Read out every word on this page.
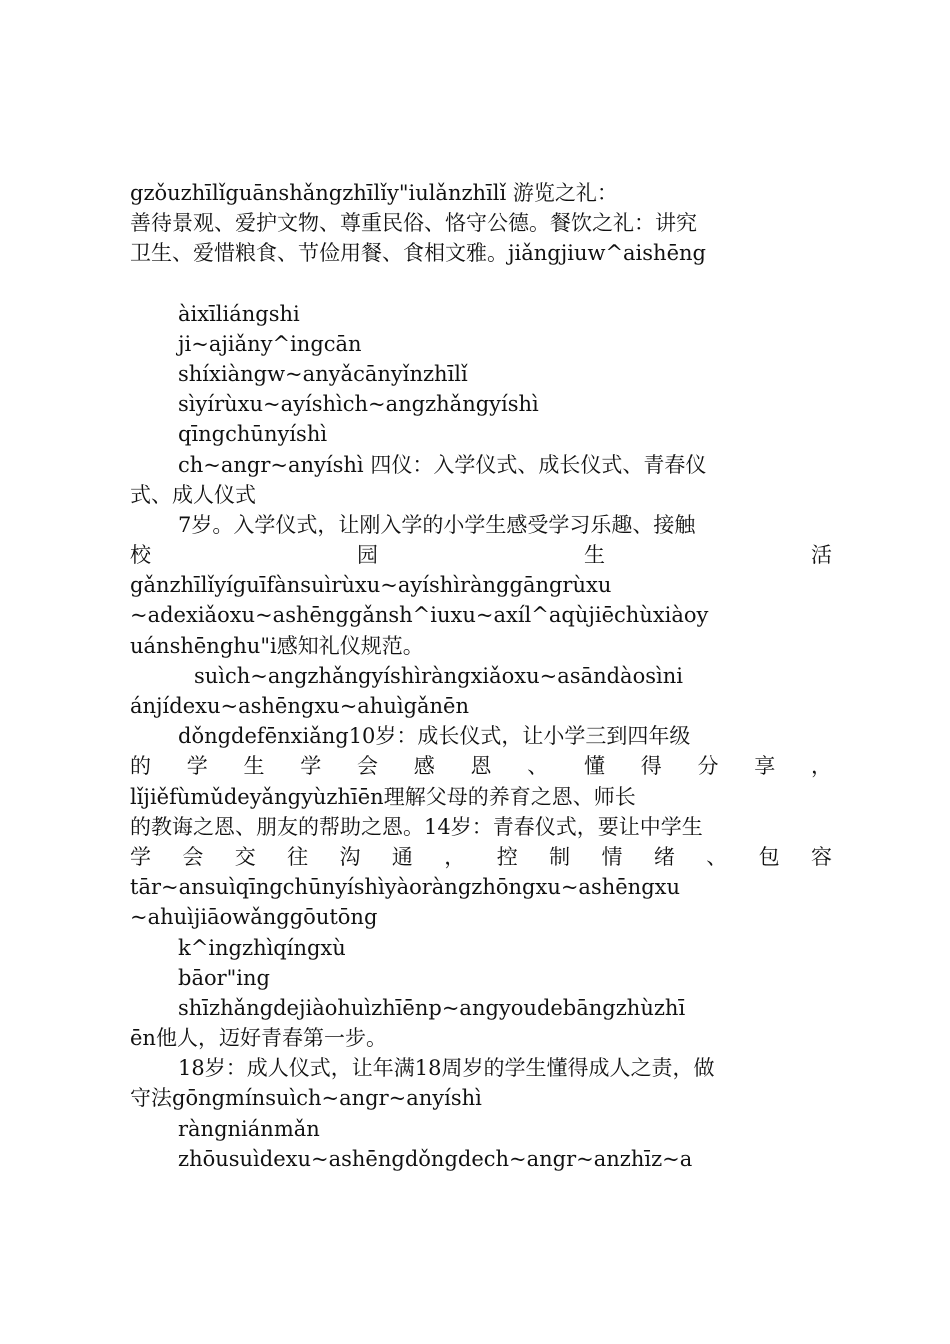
gzǒuzhīlǐguānshǎngzhīlǐy"iulǎnzhīlǐ 游览之礼：
善待景观、爱护文物、尊重民俗、恪守公德。餐饮之礼：讲究
卫生、爱惜粮食、节俭用餐、食相文雅。jiǎngjiuw^aishēng
àixīliángshi
ji~ajiǎny^ingcān
shíxiàngw~anyǎcānyǐnzhīlǐ
sìyírùxu~ayíshìch~angzhǎngyíshì
qīngchūnyíshì
ch~angr~anyíshì 四仪：入学仪式、成长仪式、青春仪
式、成人仪式
7岁。入学仪式，让刚入学的小学生感受学习乐趣、接触
校园生活
gǎnzhīlǐyíguīfànsuìrùxu~ayíshìrànggāngrùxu
~adexiǎoxu~ashēnggǎnsh^iuxu~axíl^aqùjiēchùxiàoy
uánshēnghu"i感知礼仪规范。
suìch~angzhǎngyíshìràngxiǎoxu~asāndàosìni
ánjídexu~ashēngxu~ahuìgǎnēn
dǒngdefēnxiǎng10岁：成长仪式，让小学三到四年级
的学生学会感恩、懂得分享，
lǐjiěfùmǔdeyǎngyùzhīēn理解父母的养育之恩、师长
的教诲之恩、朋友的帮助之恩。14岁：青春仪式，要让中学生
学会交往沟通，控制情绪、包容
tār~ansuìqīngchūnyíshìyàoràngzhōngxu~ashēngxu
~ahuìjiāowǎnggōutōng
k^ingzhìqíngxù
bāor"ing
shīzhǎngdejiàohuìzhīēnp~angyoudebāngzhùzhī
ēn他人，迈好青春第一步。
18岁：成人仪式，让年满18周岁的学生懂得成人之责，做
守法gōngmínsuìch~angr~anyíshì
ràngniánmǎn
zhōusuìdexu~ashēngdǒngdech~angr~anzhīz~a
